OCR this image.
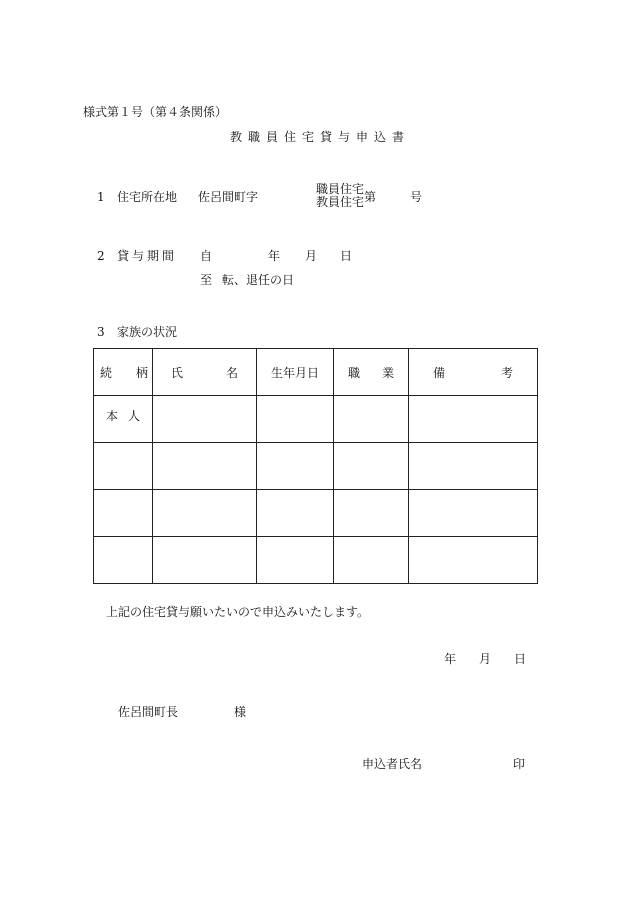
様式第１号（第４条関係）
教職員住宅貸与申込書
1 住宅所在地 佐呂間町字
職員住宅
教員住宅 第	号
2 貸与期間 自	年 月 日
至 転、退任の日
3 家族の状況
続 柄	氏 名	生年月日	職 業	備 考

本 人				

上記の住宅貸与願いたいので申込みいたします。
年 月 日
佐呂間町長	様
申込者氏名	印
